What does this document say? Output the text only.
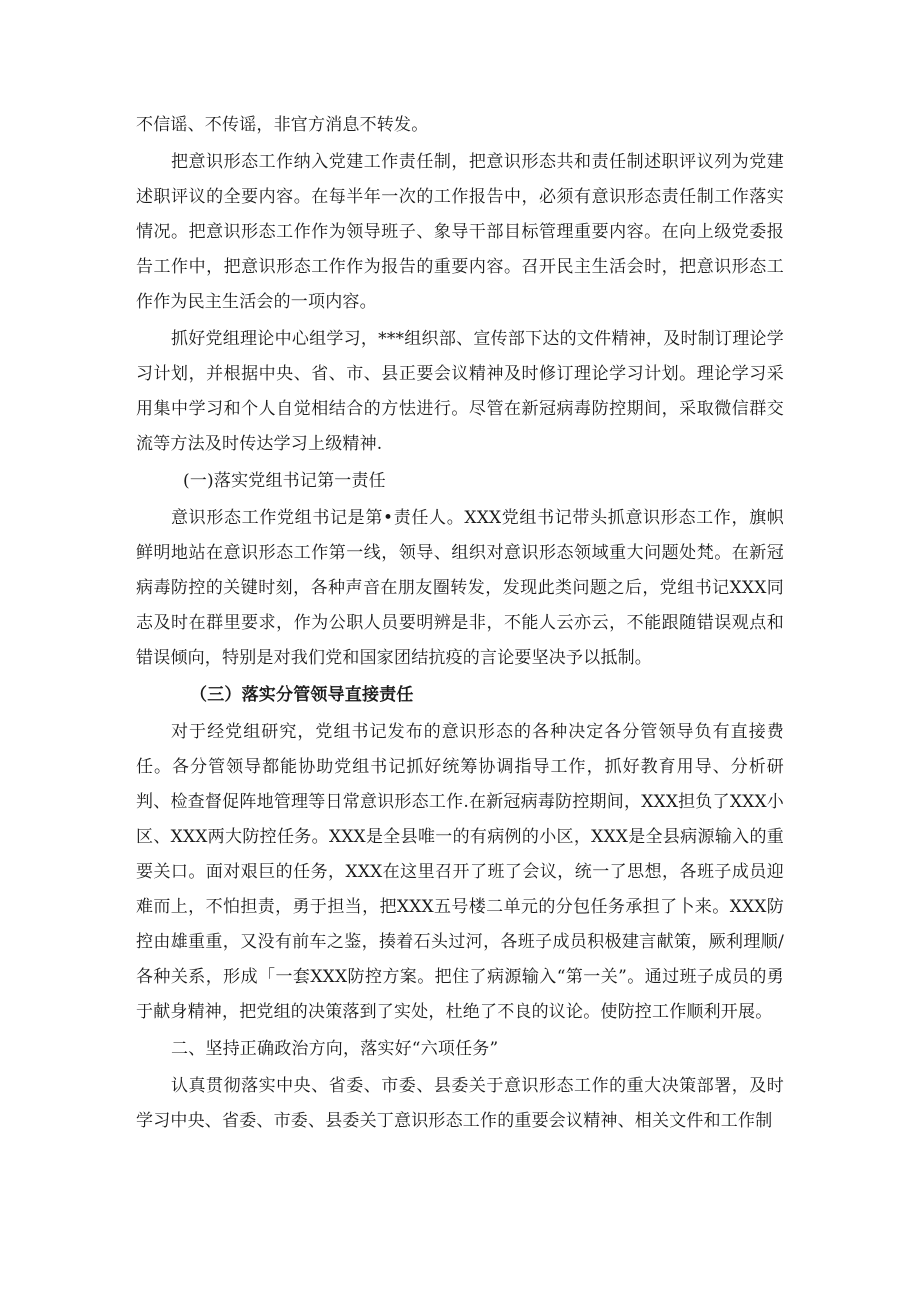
不信谣、不传谣，非官方消息不转发。

把意识形态工作纳入党建工作责任制，把意识形态共和责任制述职评议列为党建述职评议的全要内容。在每半年一次的工作报告中，必须有意识形态责任制工作落实情况。把意识形态工作作为领导班子、象导干部目标管理重要内容。在向上级党委报告工作中，把意识形态工作作为报告的重要内容。召开民主生活会时，把意识形态工作作为民主生活会的一项内容。

抓好党组理论中心组学习，***组织部、宣传部下达的文件精神，及时制订理论学习计划，并根据中央、省、市、县正要会议精神及时修订理论学习计划。理论学习采用集中学习和个人自觉相结合的方怯进行。尽管在新冠病毒防控期间，采取微信群交流等方法及时传达学习上级精神.

(一)落实党组书记第一责任

意识形态工作党组书记是第•责任人。XXX党组书记带头抓意识形态工作，旗帜鲜明地站在意识形态工作第一线，领导、组织对意识形态领域重大问题处梵。在新冠病毒防控的关键时刻，各种声音在朋友圈转发，发现此类问题之后，党组书记XXX同志及时在群里要求，作为公职人员要明辨是非，不能人云亦云，不能跟随错误观点和错误倾向，特别是对我们党和国家团结抗疫的言论要坚决予以抵制。

（三）落实分管领导直接责任

对于经党组研究，党组书记发布的意识形态的各种决定各分管领导负有直接费任。各分管领导都能协助党组书记抓好统筹协调指导工作，抓好教育用导、分析研判、检查督促阵地管理等日常意识形态工作.在新冠病毒防控期间，XXX担负了XXX小区、XXX两大防控任务。XXX是全县唯一的有病例的小区，XXX是全县病源输入的重要关口。面对艰巨的任务，XXX在这里召开了班了会议，统一了思想，各班子成员迎难而上，不怕担责，勇于担当，把XXX五号楼二单元的分包任务承担了卜来。XXX防控由雄重重，又没有前车之鉴，揍着石头过河，各班子成员积极建言献策，厥利理顺/各种关系，形成「一套XXX防控方案。把住了病源输入“第一关”。通过班子成员的勇于献身精神，把党组的决策落到了实处，杜绝了不良的议论。使防控工作顺利开展。

二、坚持正确政治方向，落实好“六项任务”

认真贯彻落实中央、省委、市委、县委关于意识形态工作的重大决策部署，及时学习中央、省委、市委、县委关丁意识形态工作的重要会议精神、相关文件和工作制
